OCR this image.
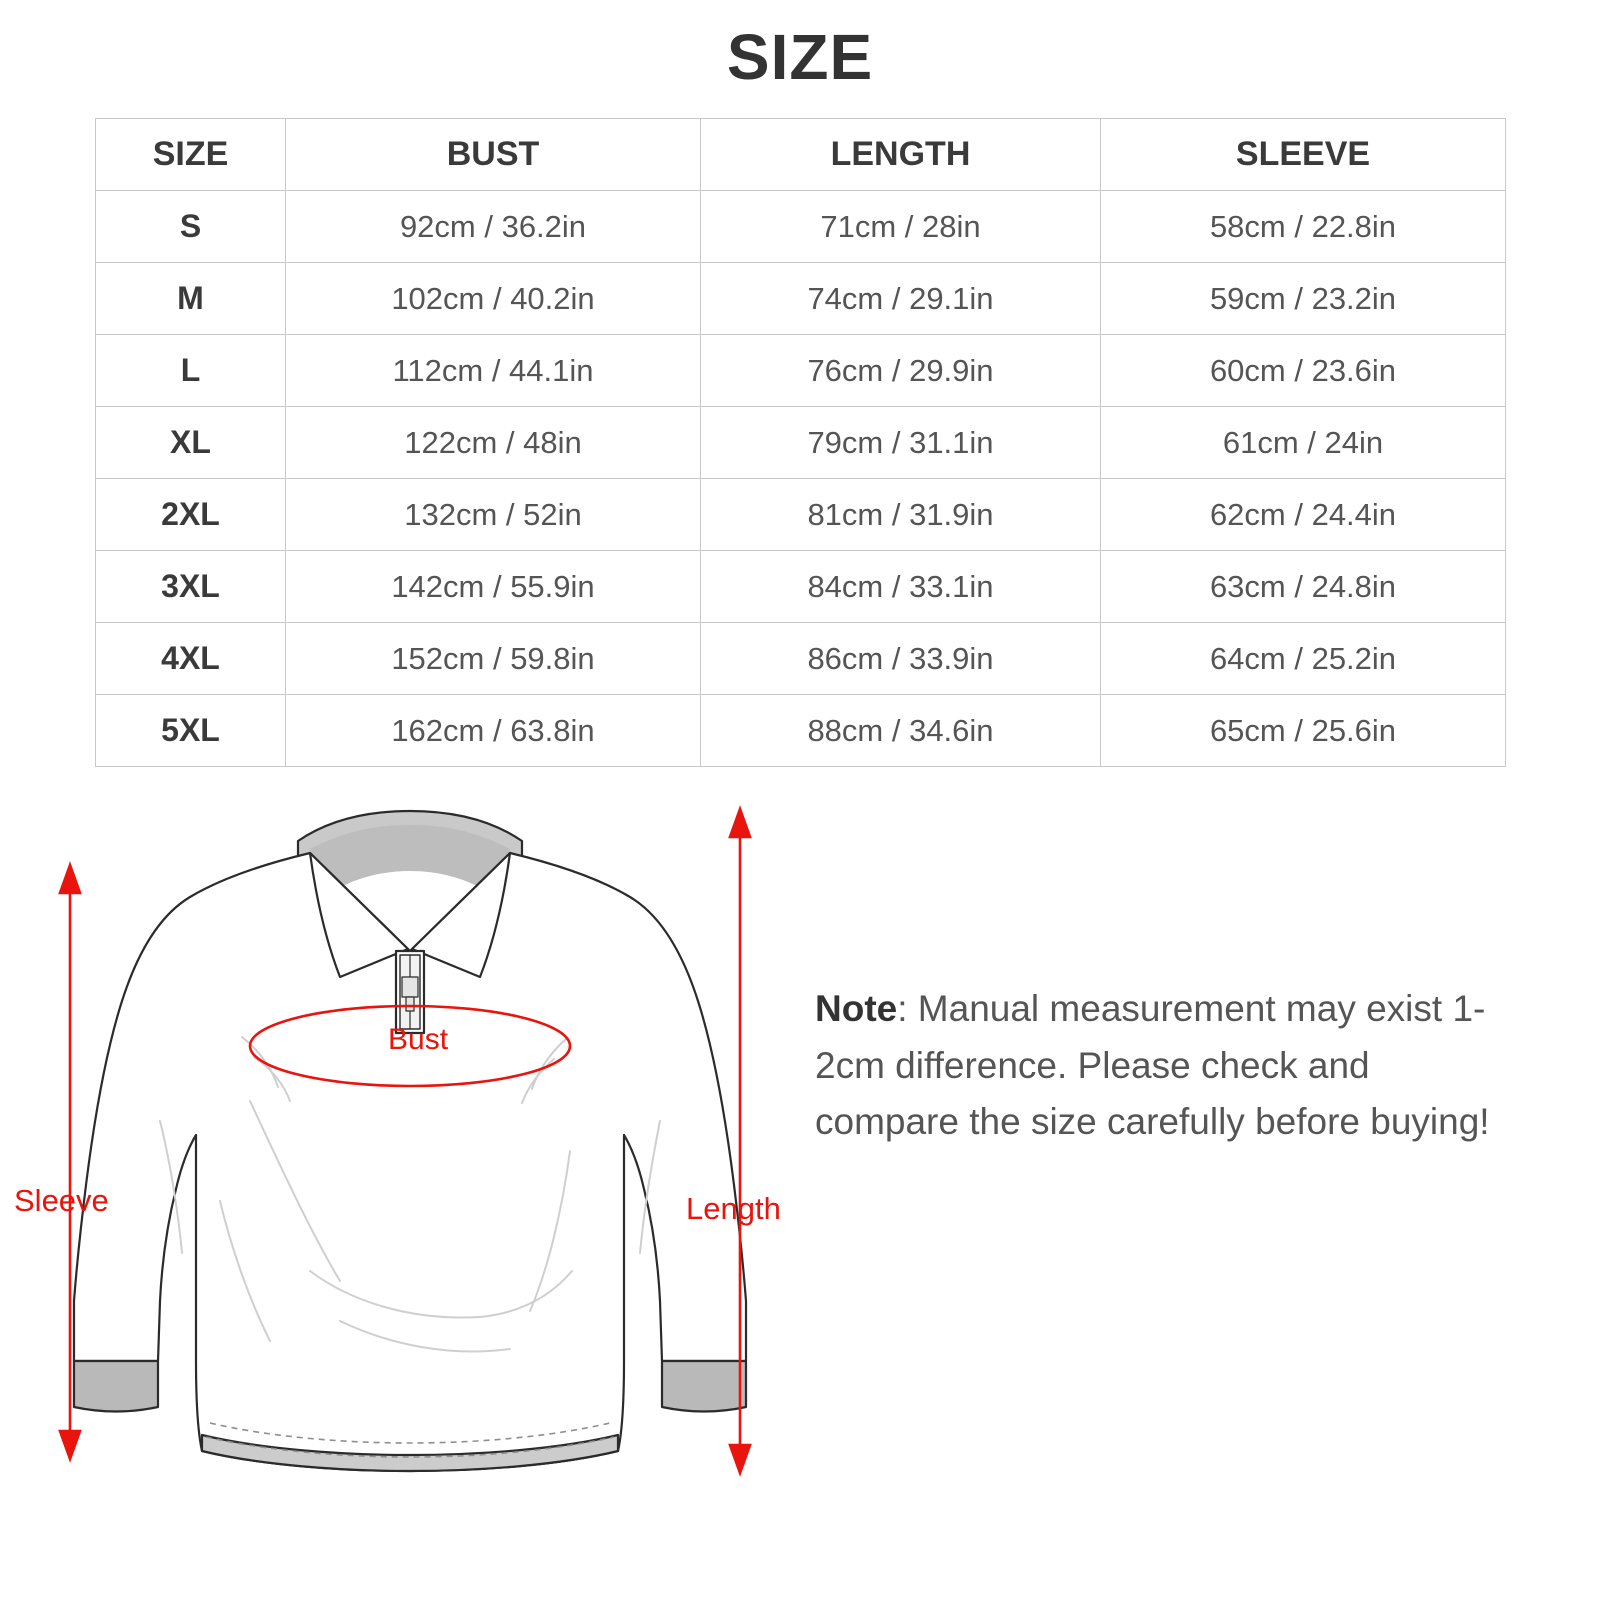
SIZE
SIZE	BUST	LENGTH	SLEEVE
S	92cm / 36.2in	71cm / 28in	58cm / 22.8in
M	102cm / 40.2in	74cm / 29.1in	59cm / 23.2in
L	112cm / 44.1in	76cm / 29.9in	60cm / 23.6in
XL	122cm / 48in	79cm / 31.1in	61cm / 24in
2XL	132cm / 52in	81cm / 31.9in	62cm / 24.4in
3XL	142cm / 55.9in	84cm / 33.1in	63cm / 24.8in
4XL	152cm / 59.8in	86cm / 33.9in	64cm / 25.2in
5XL	162cm / 63.8in	88cm / 34.6in	65cm / 25.6in
Bust
Sleeve	Length
Note: Manual measurement may exist 1-2cm difference. Please check and compare the size carefully before buying!
